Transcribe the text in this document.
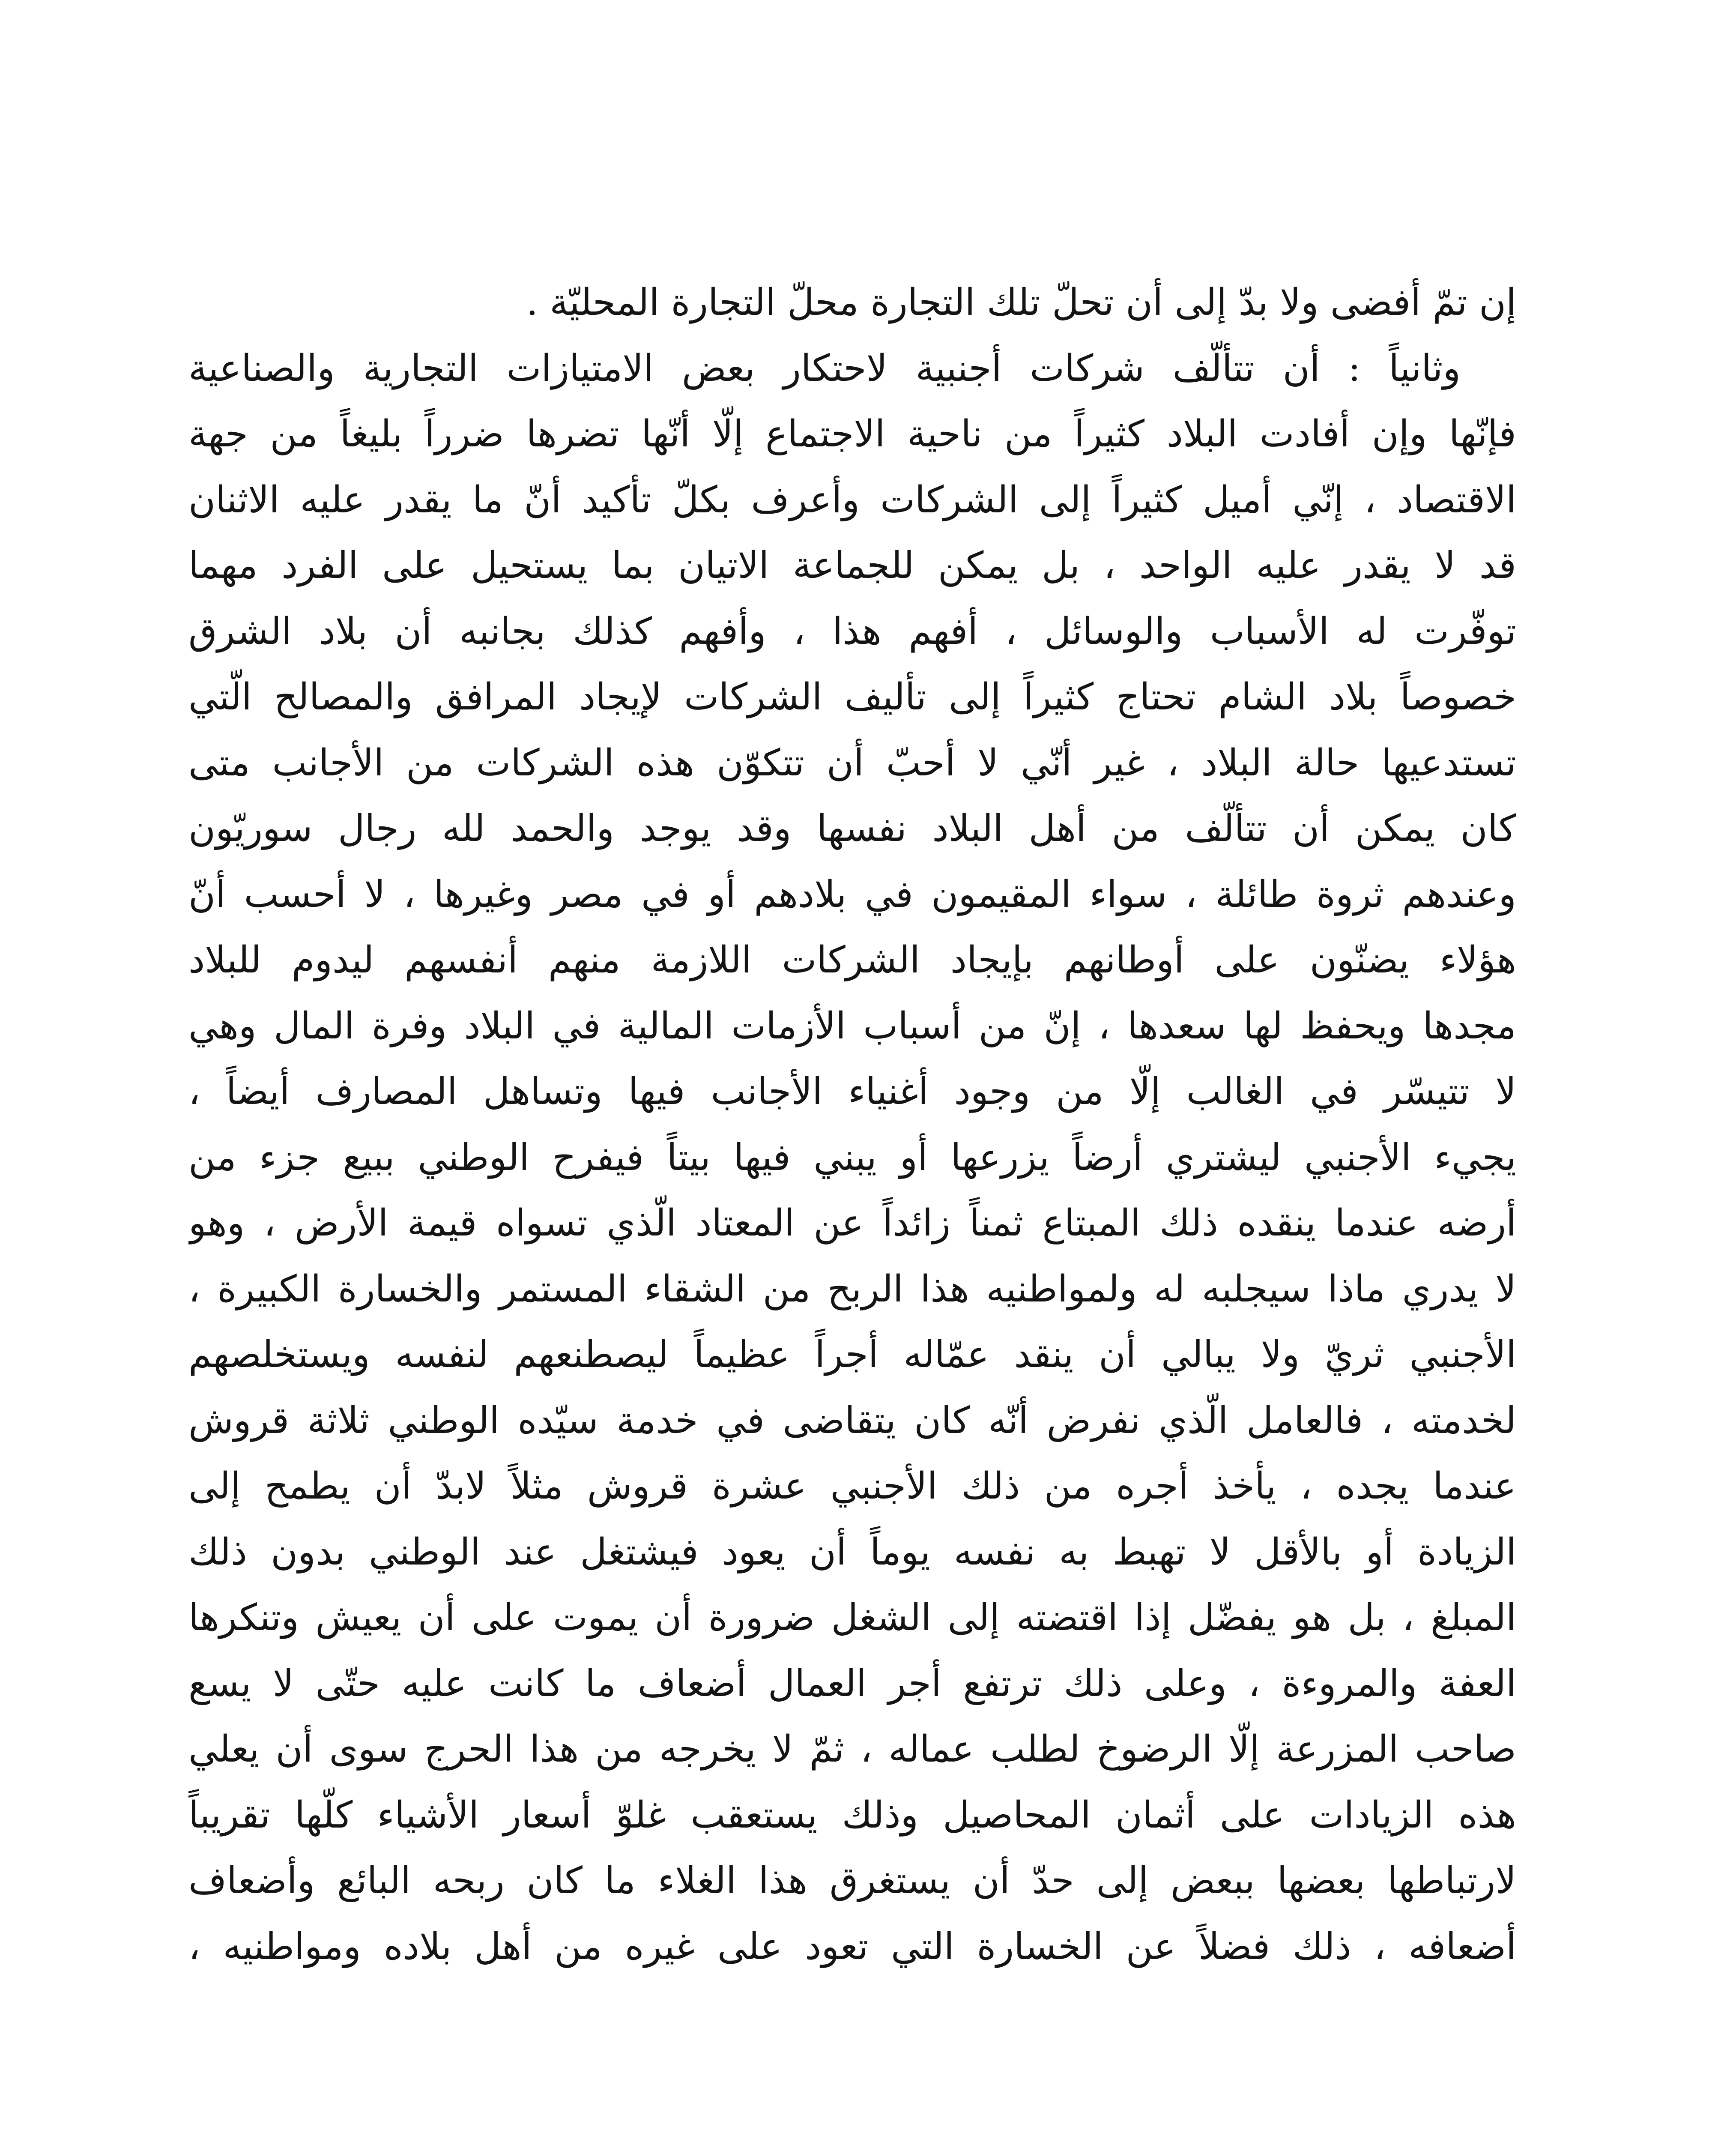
إن تمّ أفضى ولا بدّ إلى أن تحلّ تلك التجارة محلّ التجارة المحليّة .
وثانياً : أن تتألّف شركات أجنبية لاحتكار بعض الامتيازات التجارية والصناعية
فإنّها وإن أفادت البلاد كثيراً من ناحية الاجتماع إلّا أنّها تضرها ضرراً بليغاً من جهة
الاقتصاد ، إنّي أميل كثيراً إلى الشركات وأعرف بكلّ تأكيد أنّ ما يقدر عليه الاثنان
قد لا يقدر عليه الواحد ، بل يمكن للجماعة الاتيان بما يستحيل على الفرد مهما
توفّرت له الأسباب والوسائل ، أفهم هذا ، وأفهم كذلك بجانبه أن بلاد الشرق
خصوصاً بلاد الشام تحتاج كثيراً إلى تأليف الشركات لإيجاد المرافق والمصالح الّتي
تستدعيها حالة البلاد ، غير أنّي لا أحبّ أن تتكوّن هذه الشركات من الأجانب متى
كان يمكن أن تتألّف من أهل البلاد نفسها وقد يوجد والحمد لله رجال سوريّون
وعندهم ثروة طائلة ، سواء المقيمون في بلادهم أو في مصر وغيرها ، لا أحسب أنّ
هؤلاء يضنّون على أوطانهم بإيجاد الشركات اللازمة منهم أنفسهم ليدوم للبلاد
مجدها ويحفظ لها سعدها ، إنّ من أسباب الأزمات المالية في البلاد وفرة المال وهي
لا تتيسّر في الغالب إلّا من وجود أغنياء الأجانب فيها وتساهل المصارف أيضاً ،
يجيء الأجنبي ليشتري أرضاً يزرعها أو يبني فيها بيتاً فيفرح الوطني ببيع جزء من
أرضه عندما ينقده ذلك المبتاع ثمناً زائداً عن المعتاد الّذي تسواه قيمة الأرض ، وهو
لا يدري ماذا سيجلبه له ولمواطنيه هذا الربح من الشقاء المستمر والخسارة الكبيرة ،
الأجنبي ثريّ ولا يبالي أن ينقد عمّاله أجراً عظيماً ليصطنعهم لنفسه ويستخلصهم
لخدمته ، فالعامل الّذي نفرض أنّه كان يتقاضى في خدمة سيّده الوطني ثلاثة قروش
عندما يجده ، يأخذ أجره من ذلك الأجنبي عشرة قروش مثلاً لابدّ أن يطمح إلى
الزيادة أو بالأقل لا تهبط به نفسه يوماً أن يعود فيشتغل عند الوطني بدون ذلك
المبلغ ، بل هو يفضّل إذا اقتضته إلى الشغل ضرورة أن يموت على أن يعيش وتنكرها
العفة والمروءة ، وعلى ذلك ترتفع أجر العمال أضعاف ما كانت عليه حتّى لا يسع
صاحب المزرعة إلّا الرضوخ لطلب عماله ، ثمّ لا يخرجه من هذا الحرج سوى أن يعلي
هذه الزيادات على أثمان المحاصيل وذلك يستعقب غلوّ أسعار الأشياء كلّها تقريباً
لارتباطها بعضها ببعض إلى حدّ أن يستغرق هذا الغلاء ما كان ربحه البائع وأضعاف
أضعافه ، ذلك فضلاً عن الخسارة التي تعود على غيره من أهل بلاده ومواطنيه ،
